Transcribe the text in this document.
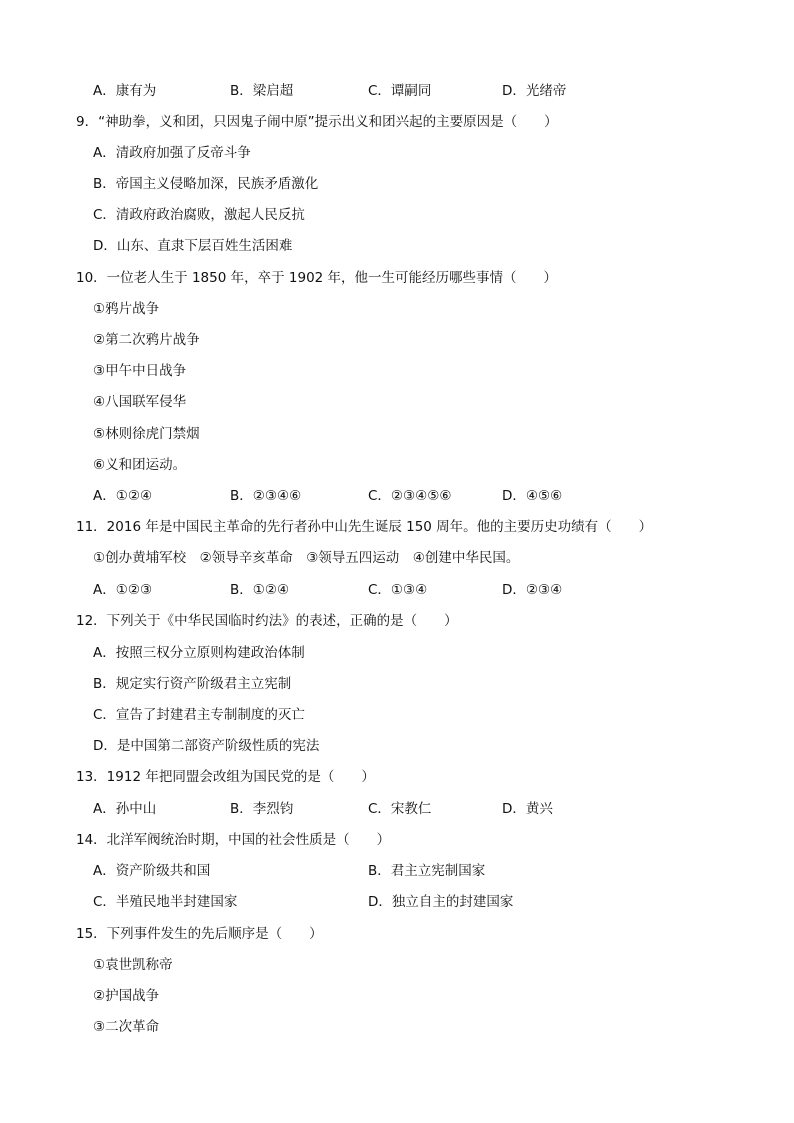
A．康有为	B．梁启超	C．谭嗣同	D．光绪帝
9．“神助拳，义和团，只因鬼子闹中原”提示出义和团兴起的主要原因是（　　）
A．清政府加强了反帝斗争
B．帝国主义侵略加深，民族矛盾激化
C．清政府政治腐败，激起人民反抗
D．山东、直隶下层百姓生活困难
10．一位老人生于 1850 年，卒于 1902 年，他一生可能经历哪些事情（　　）
①鸦片战争
②第二次鸦片战争
③甲午中日战争
④八国联军侵华
⑤林则徐虎门禁烟
⑥义和团运动。
A．①②④	B．②③④⑥	C．②③④⑤⑥	D．④⑤⑥
11．2016 年是中国民主革命的先行者孙中山先生诞辰 150 周年。他的主要历史功绩有（　　）
①创办黄埔军校　②领导辛亥革命　③领导五四运动　④创建中华民国。
A．①②③	B．①②④	C．①③④	D．②③④
12．下列关于《中华民国临时约法》的表述，正确的是（　　）
A．按照三权分立原则构建政治体制
B．规定实行资产阶级君主立宪制
C．宣告了封建君主专制制度的灭亡
D．是中国第二部资产阶级性质的宪法
13．1912 年把同盟会改组为国民党的是（　　）
A．孙中山	B．李烈钧	C．宋教仁	D．黄兴
14．北洋军阀统治时期，中国的社会性质是（　　）
A．资产阶级共和国	B．君主立宪制国家
C．半殖民地半封建国家	D．独立自主的封建国家
15．下列事件发生的先后顺序是（　　）
①袁世凯称帝
②护国战争
③二次革命
